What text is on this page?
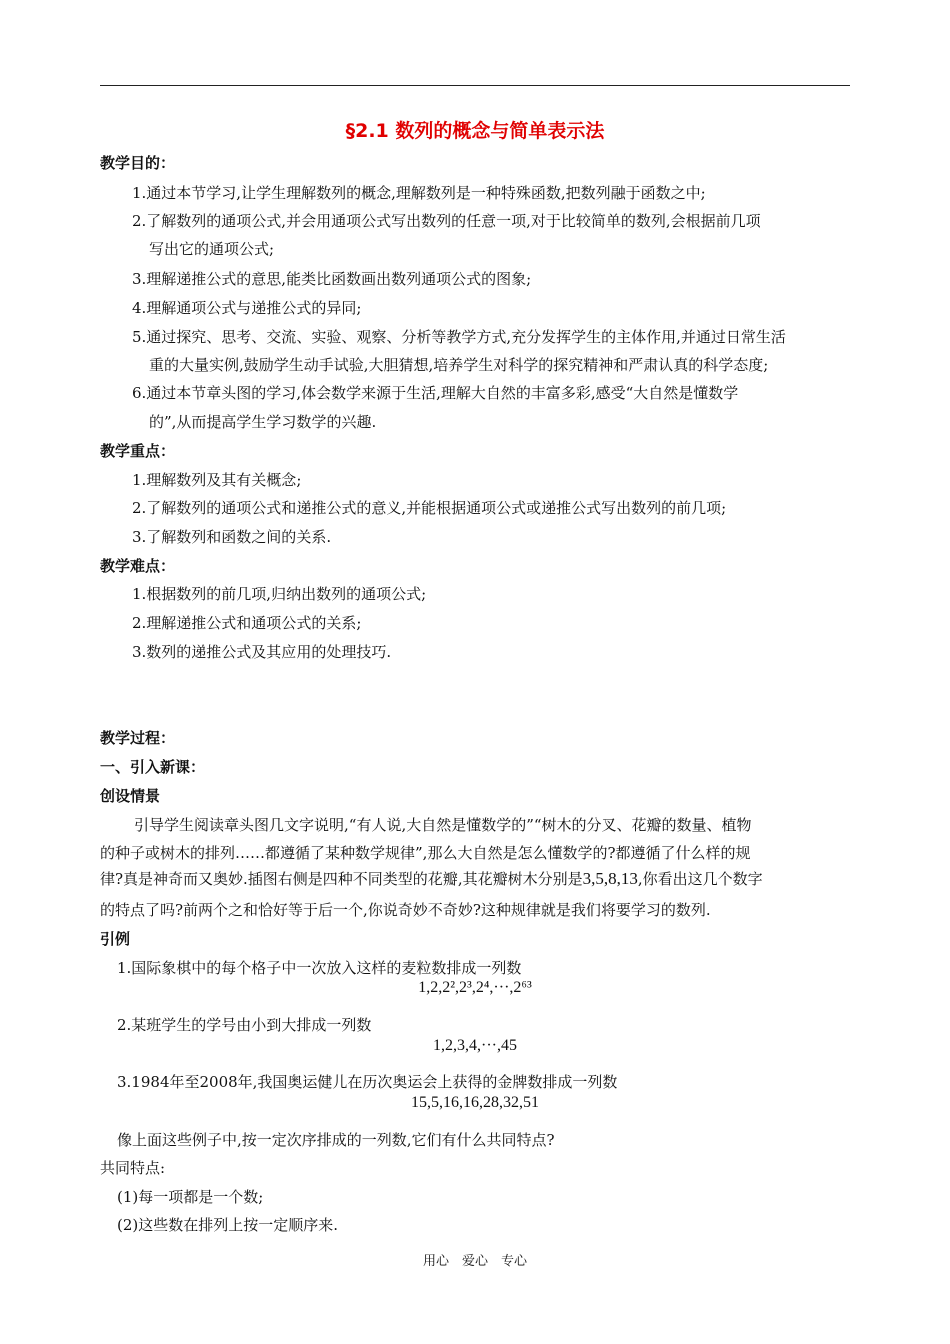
§2.1 数列的概念与简单表示法
教学目的：
1.通过本节学习,让学生理解数列的概念,理解数列是一种特殊函数,把数列融于函数之中;
2.了解数列的通项公式,并会用通项公式写出数列的任意一项,对于比较简单的数列,会根据前几项
写出它的通项公式;
3.理解递推公式的意思,能类比函数画出数列通项公式的图象;
4.理解通项公式与递推公式的异同;
5.通过探究、思考、交流、实验、观察、分析等教学方式,充分发挥学生的主体作用,并通过日常生活
重的大量实例,鼓励学生动手试验,大胆猜想,培养学生对科学的探究精神和严肃认真的科学态度;
6.通过本节章头图的学习,体会数学来源于生活,理解大自然的丰富多彩,感受“大自然是懂数学
的”,从而提高学生学习数学的兴趣.
教学重点：
1.理解数列及其有关概念;
2.了解数列的通项公式和递推公式的意义,并能根据通项公式或递推公式写出数列的前几项;
3.了解数列和函数之间的关系.
教学难点：
1.根据数列的前几项,归纳出数列的通项公式;
2.理解递推公式和通项公式的关系;
3.数列的递推公式及其应用的处理技巧.
教学过程：
一、引入新课：
创设情景
引导学生阅读章头图几文字说明,“有人说,大自然是懂数学的”“树木的分叉、花瓣的数量、植物
的种子或树木的排列……都遵循了某种数学规律”,那么大自然是怎么懂数学的?都遵循了什么样的规
律?真是神奇而又奥妙.插图右侧是四种不同类型的花瓣,其花瓣树木分别是3,5,8,13,你看出这几个数字
的特点了吗?前两个之和恰好等于后一个,你说奇妙不奇妙?这种规律就是我们将要学习的数列.
引例
1.国际象棋中的每个格子中一次放入这样的麦粒数排成一列数
1,2,2²,2³,2⁴,···,2⁶³
2.某班学生的学号由小到大排成一列数
1,2,3,4,···,45
3.1984年至2008年,我国奥运健儿在历次奥运会上获得的金牌数排成一列数
15,5,16,16,28,32,51
像上面这些例子中,按一定次序排成的一列数,它们有什么共同特点?
共同特点:
(1)每一项都是一个数;
(2)这些数在排列上按一定顺序来.
用心　爱心　专心
